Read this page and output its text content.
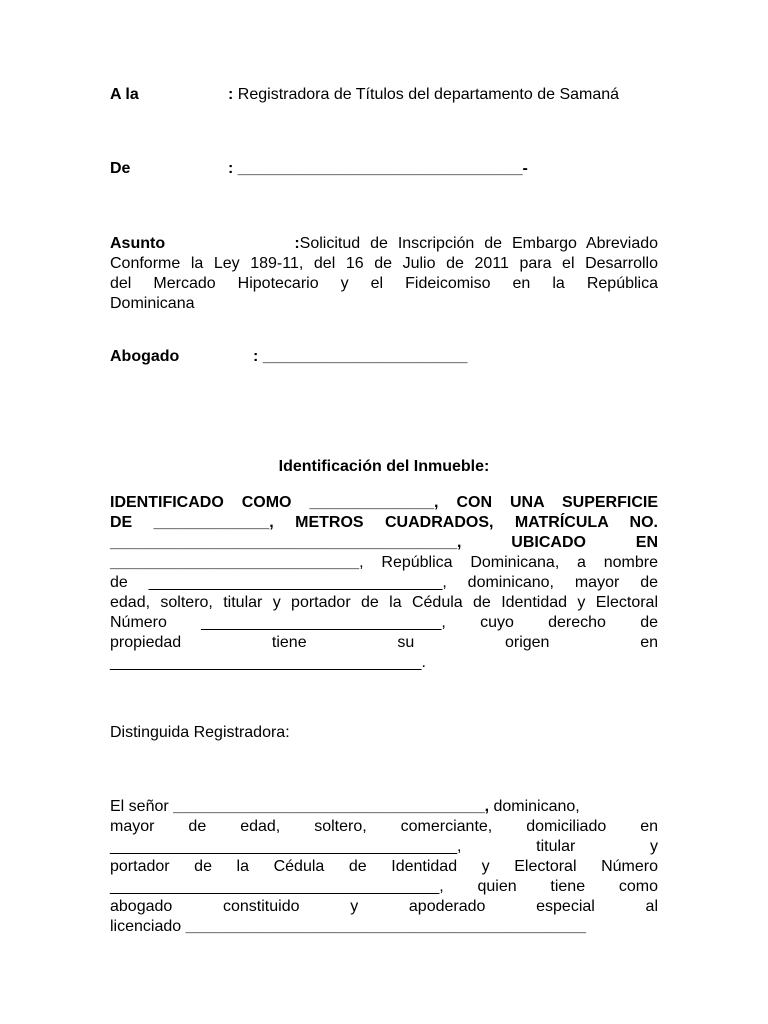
A la	: Registradora de Títulos del departamento de Samaná
De	: ________________________________-
Asunto             :Solicitud de Inscripción de Embargo Abreviado
Conforme la Ley 189-11, del 16 de Julio de 2011 para el Desarrollo
del Mercado Hipotecario y el Fideicomiso en la República
Dominicana
Abogado	: _______________________
Identificación del Inmueble:
IDENTIFICADO COMO ______________, CON UNA SUPERFICIE
DE _____________, METROS CUADRADOS, MATRÍCULA NO.
_______________________________________, UBICADO EN
____________________________, República Dominicana, a nombre
de _________________________________, dominicano, mayor de
edad, soltero, titular y portador de la Cédula de Identidad y Electoral
Número ___________________________, cuyo derecho de
propiedad tiene su origen en
___________________________________.
Distinguida Registradora:
El señor ___________________________________, dominicano,
mayor de edad, soltero, comerciante, domiciliado en
_______________________________________, titular y
portador de la Cédula de Identidad y Electoral Número
_____________________________________, quien tiene como
abogado constituido y apoderado especial al
licenciado _____________________________________________
